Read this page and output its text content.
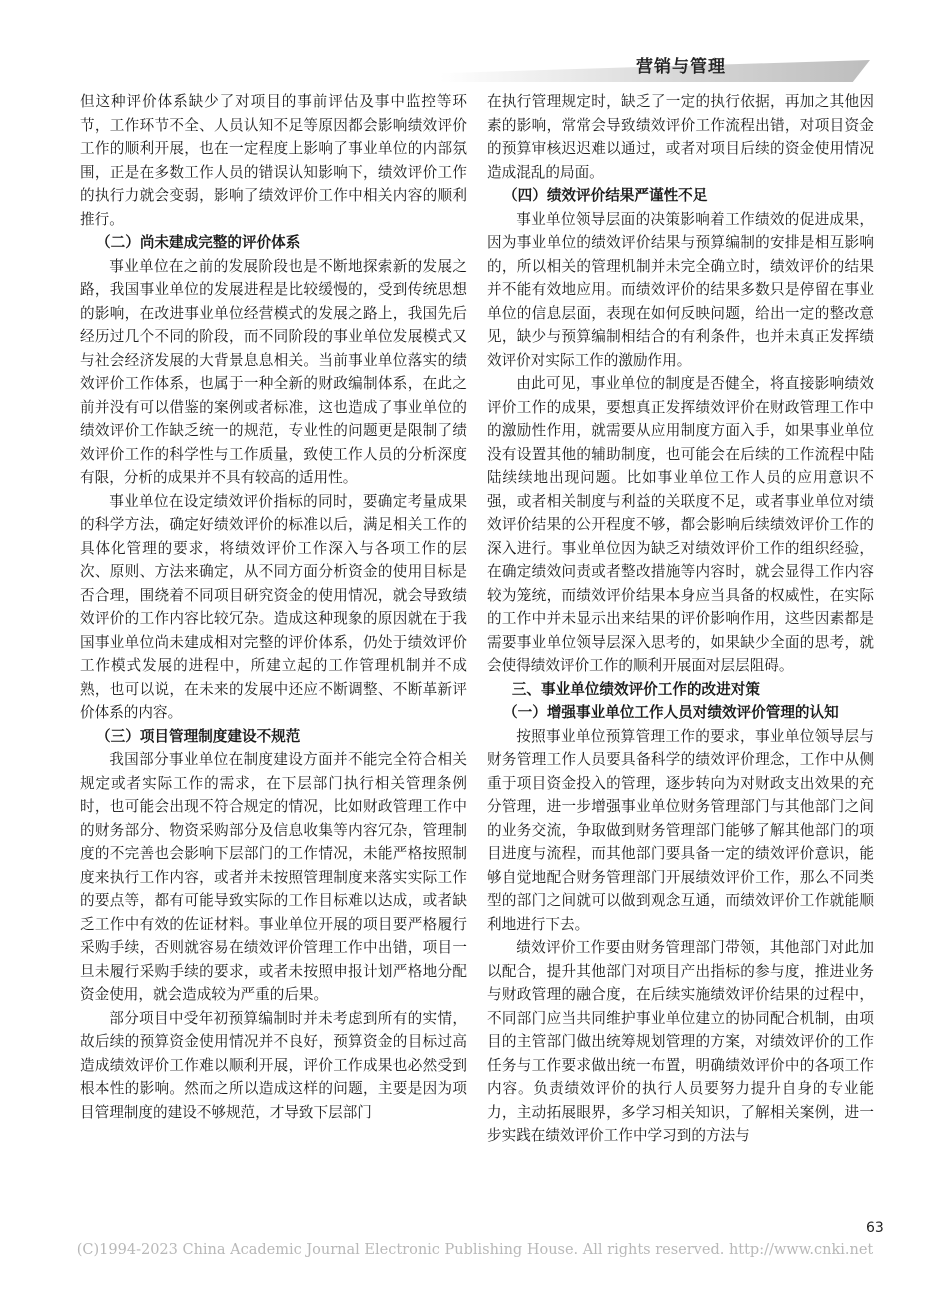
营销与管理

但这种评价体系缺少了对项目的事前评估及事中监控等环节，工作环节不全、人员认知不足等原因都会影响绩效评价工作的顺利开展，也在一定程度上影响了事业单位的内部氛围，正是在多数工作人员的错误认知影响下，绩效评价工作的执行力就会变弱，影响了绩效评价工作中相关内容的顺利推行。

（二）尚未建成完整的评价体系

事业单位在之前的发展阶段也是不断地探索新的发展之路，我国事业单位的发展进程是比较缓慢的，受到传统思想的影响，在改进事业单位经营模式的发展之路上，我国先后经历过几个不同的阶段，而不同阶段的事业单位发展模式又与社会经济发展的大背景息息相关。当前事业单位落实的绩效评价工作体系，也属于一种全新的财政编制体系，在此之前并没有可以借鉴的案例或者标准，这也造成了事业单位的绩效评价工作缺乏统一的规范，专业性的问题更是限制了绩效评价工作的科学性与工作质量，致使工作人员的分析深度有限，分析的成果并不具有较高的适用性。

事业单位在设定绩效评价指标的同时，要确定考量成果的科学方法，确定好绩效评价的标准以后，满足相关工作的具体化管理的要求，将绩效评价工作深入与各项工作的层次、原则、方法来确定，从不同方面分析资金的使用目标是否合理，围绕着不同项目研究资金的使用情况，就会导致绩效评价的工作内容比较冗杂。造成这种现象的原因就在于我国事业单位尚未建成相对完整的评价体系，仍处于绩效评价工作模式发展的进程中，所建立起的工作管理机制并不成熟，也可以说，在未来的发展中还应不断调整、不断革新评价体系的内容。

（三）项目管理制度建设不规范

我国部分事业单位在制度建设方面并不能完全符合相关规定或者实际工作的需求，在下层部门执行相关管理条例时，也可能会出现不符合规定的情况，比如财政管理工作中的财务部分、物资采购部分及信息收集等内容冗杂，管理制度的不完善也会影响下层部门的工作情况，未能严格按照制度来执行工作内容，或者并未按照管理制度来落实实际工作的要点等，都有可能导致实际的工作目标难以达成，或者缺乏工作中有效的佐证材料。事业单位开展的项目要严格履行采购手续，否则就容易在绩效评价管理工作中出错，项目一旦未履行采购手续的要求，或者未按照申报计划严格地分配资金使用，就会造成较为严重的后果。

部分项目中受年初预算编制时并未考虑到所有的实情，故后续的预算资金使用情况并不良好，预算资金的目标过高造成绩效评价工作难以顺利开展，评价工作成果也必然受到根本性的影响。然而之所以造成这样的问题，主要是因为项目管理制度的建设不够规范，才导致下层部门

在执行管理规定时，缺乏了一定的执行依据，再加之其他因素的影响，常常会导致绩效评价工作流程出错，对项目资金的预算审核迟迟难以通过，或者对项目后续的资金使用情况造成混乱的局面。

（四）绩效评价结果严谨性不足

事业单位领导层面的决策影响着工作绩效的促进成果，因为事业单位的绩效评价结果与预算编制的安排是相互影响的，所以相关的管理机制并未完全确立时，绩效评价的结果并不能有效地应用。而绩效评价的结果多数只是停留在事业单位的信息层面，表现在如何反映问题，给出一定的整改意见，缺少与预算编制相结合的有利条件，也并未真正发挥绩效评价对实际工作的激励作用。

由此可见，事业单位的制度是否健全，将直接影响绩效评价工作的成果，要想真正发挥绩效评价在财政管理工作中的激励性作用，就需要从应用制度方面入手，如果事业单位没有设置其他的辅助制度，也可能会在后续的工作流程中陆陆续续地出现问题。比如事业单位工作人员的应用意识不强，或者相关制度与利益的关联度不足，或者事业单位对绩效评价结果的公开程度不够，都会影响后续绩效评价工作的深入进行。事业单位因为缺乏对绩效评价工作的组织经验，在确定绩效问责或者整改措施等内容时，就会显得工作内容较为笼统，而绩效评价结果本身应当具备的权威性，在实际的工作中并未显示出来结果的评价影响作用，这些因素都是需要事业单位领导层深入思考的，如果缺少全面的思考，就会使得绩效评价工作的顺利开展面对层层阻碍。

三、事业单位绩效评价工作的改进对策
（一）增强事业单位工作人员对绩效评价管理的认知

按照事业单位预算管理工作的要求，事业单位领导层与财务管理工作人员要具备科学的绩效评价理念，工作中从侧重于项目资金投入的管理，逐步转向为对财政支出效果的充分管理，进一步增强事业单位财务管理部门与其他部门之间的业务交流，争取做到财务管理部门能够了解其他部门的项目进度与流程，而其他部门要具备一定的绩效评价意识，能够自觉地配合财务管理部门开展绩效评价工作，那么不同类型的部门之间就可以做到观念互通，而绩效评价工作就能顺利地进行下去。

绩效评价工作要由财务管理部门带领，其他部门对此加以配合，提升其他部门对项目产出指标的参与度，推进业务与财政管理的融合度，在后续实施绩效评价结果的过程中，不同部门应当共同维护事业单位建立的协同配合机制，由项目的主管部门做出统筹规划管理的方案，对绩效评价的工作任务与工作要求做出统一布置，明确绩效评价中的各项工作内容。负责绩效评价的执行人员要努力提升自身的专业能力，主动拓展眼界，多学习相关知识，了解相关案例，进一步实践在绩效评价工作中学习到的方法与

63
(C)1994-2023 China Academic Journal Electronic Publishing House. All rights reserved. http://www.cnki.net
